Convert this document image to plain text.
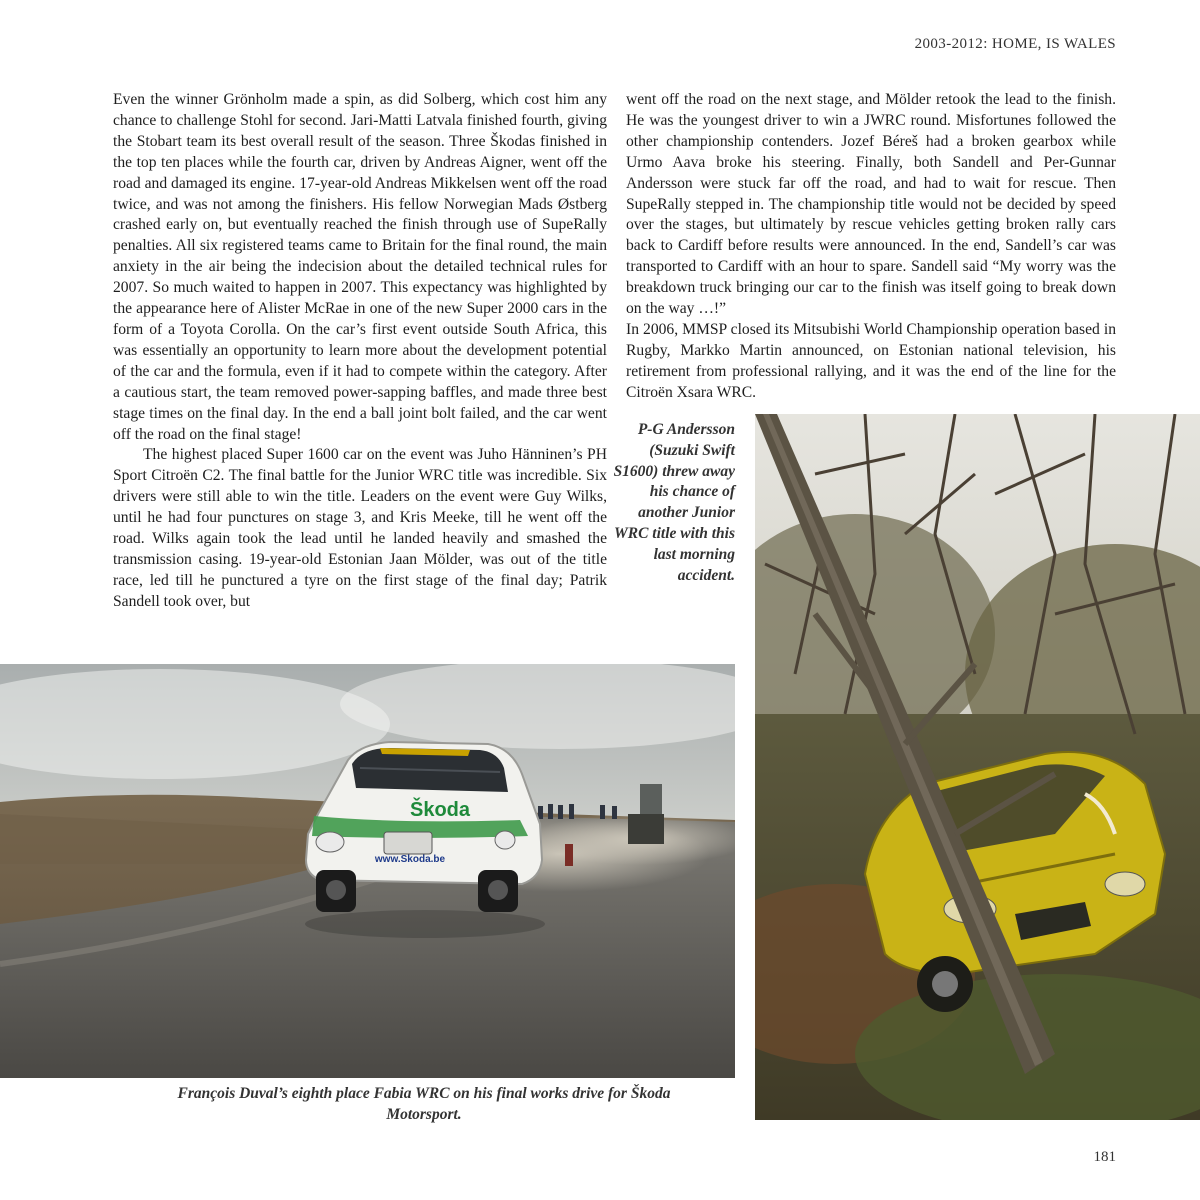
2003-2012: HOME, IS WALES

Even the winner Grönholm made a spin, as did Solberg, which cost him any chance to challenge Stohl for second. Jari-Matti Latvala finished fourth, giving the Stobart team its best overall result of the season. Three Škodas finished in the top ten places while the fourth car, driven by Andreas Aigner, went off the road and damaged its engine. 17-year-old Andreas Mikkelsen went off the road twice, and was not among the finishers. His fellow Norwegian Mads Østberg crashed early on, but eventually reached the finish through use of SupeRally penalties. All six registered teams came to Britain for the final round, the main anxiety in the air being the indecision about the detailed technical rules for 2007. So much waited to happen in 2007. This expectancy was highlighted by the appearance here of Alister McRae in one of the new Super 2000 cars in the form of a Toyota Corolla. On the car’s first event outside South Africa, this was essentially an opportunity to learn more about the development potential of the car and the formula, even if it had to compete within the category. After a cautious start, the team removed power-sapping baffles, and made three best stage times on the final day. In the end a ball joint bolt failed, and the car went off the road on the final stage!

The highest placed Super 1600 car on the event was Juho Hänninen’s PH Sport Citroën C2. The final battle for the Junior WRC title was incredible. Six drivers were still able to win the title. Leaders on the event were Guy Wilks, until he had four punctures on stage 3, and Kris Meeke, till he went off the road. Wilks again took the lead until he landed heavily and smashed the transmission casing. 19-year-old Estonian Jaan Mölder, was out of the title race, led till he punctured a tyre on the first stage of the final day; Patrik Sandell took over, but

went off the road on the next stage, and Mölder retook the lead to the finish. He was the youngest driver to win a JWRC round. Misfortunes followed the other championship contenders. Jozef Béreš had a broken gearbox while Urmo Aava broke his steering. Finally, both Sandell and Per-Gunnar Andersson were stuck far off the road, and had to wait for rescue. Then SupeRally stepped in. The championship title would not be decided by speed over the stages, but ultimately by rescue vehicles getting broken rally cars back to Cardiff before results were announced. In the end, Sandell’s car was transported to Cardiff with an hour to spare. Sandell said “My worry was the breakdown truck bringing our car to the finish was itself going to break down on the way …!”

In 2006, MMSP closed its Mitsubishi World Championship operation based in Rugby, Markko Martin announced, on Estonian national television, his retirement from professional rallying, and it was the end of the line for the Citroën Xsara WRC.

Škoda
www.Škoda.be
P-G Andersson (Suzuki Swift S1600) threw away his chance of another Junior WRC title with this last morning accident.
François Duval’s eighth place Fabia WRC on his final works drive for Škoda Motorsport.
181
